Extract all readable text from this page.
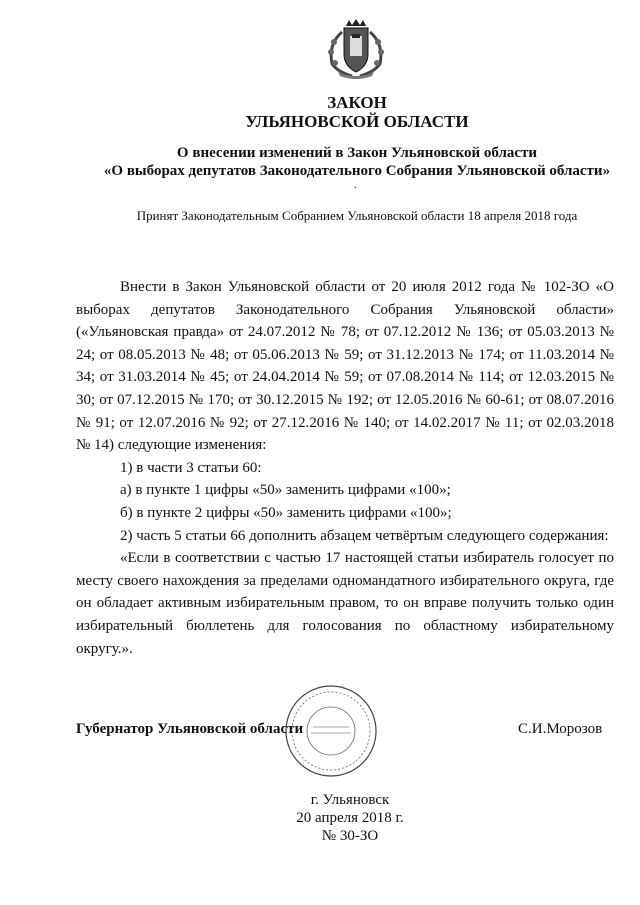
ЗАКОН
УЛЬЯНОВСКОЙ ОБЛАСТИ
О внесении изменений в Закон Ульяновской области
«О выборах депутатов Законодательного Собрания Ульяновской области»
.
Принят Законодательным Собранием Ульяновской области 18 апреля 2018 года

Внести в Закон Ульяновской области от 20 июля 2012 года № 102-ЗО «О выборах депутатов Законодательного Собрания Ульяновской области» («Ульяновская правда» от 24.07.2012 № 78; от 07.12.2012 № 136; от 05.03.2013 № 24; от 08.05.2013 № 48; от 05.06.2013 № 59; от 31.12.2013 № 174; от 11.03.2014 № 34; от 31.03.2014 № 45; от 24.04.2014 № 59; от 07.08.2014 № 114; от 12.03.2015 № 30; от 07.12.2015 № 170; от 30.12.2015 № 192; от 12.05.2016 № 60-61; от 08.07.2016 № 91; от 12.07.2016 № 92; от 27.12.2016 № 140; от 14.02.2017 № 11; от 02.03.2018 № 14) следующие изменения:

1) в части 3 статьи 60:

а) в пункте 1 цифры «50» заменить цифрами «100»;

б) в пункте 2 цифры «50» заменить цифрами «100»;

2) часть 5 статьи 66 дополнить абзацем четвёртым следующего содержания:

«Если в соответствии с частью 17 настоящей статьи избиратель голосует по месту своего нахождения за пределами одномандатного избирательного округа, где он обладает активным избирательным правом, то он вправе получить только один избирательный бюллетень для голосования по областному избирательному округу.».

Губернатор Ульяновской области	С.И.Морозов
г. Ульяновск
20 апреля 2018 г.
№ 30-ЗО
